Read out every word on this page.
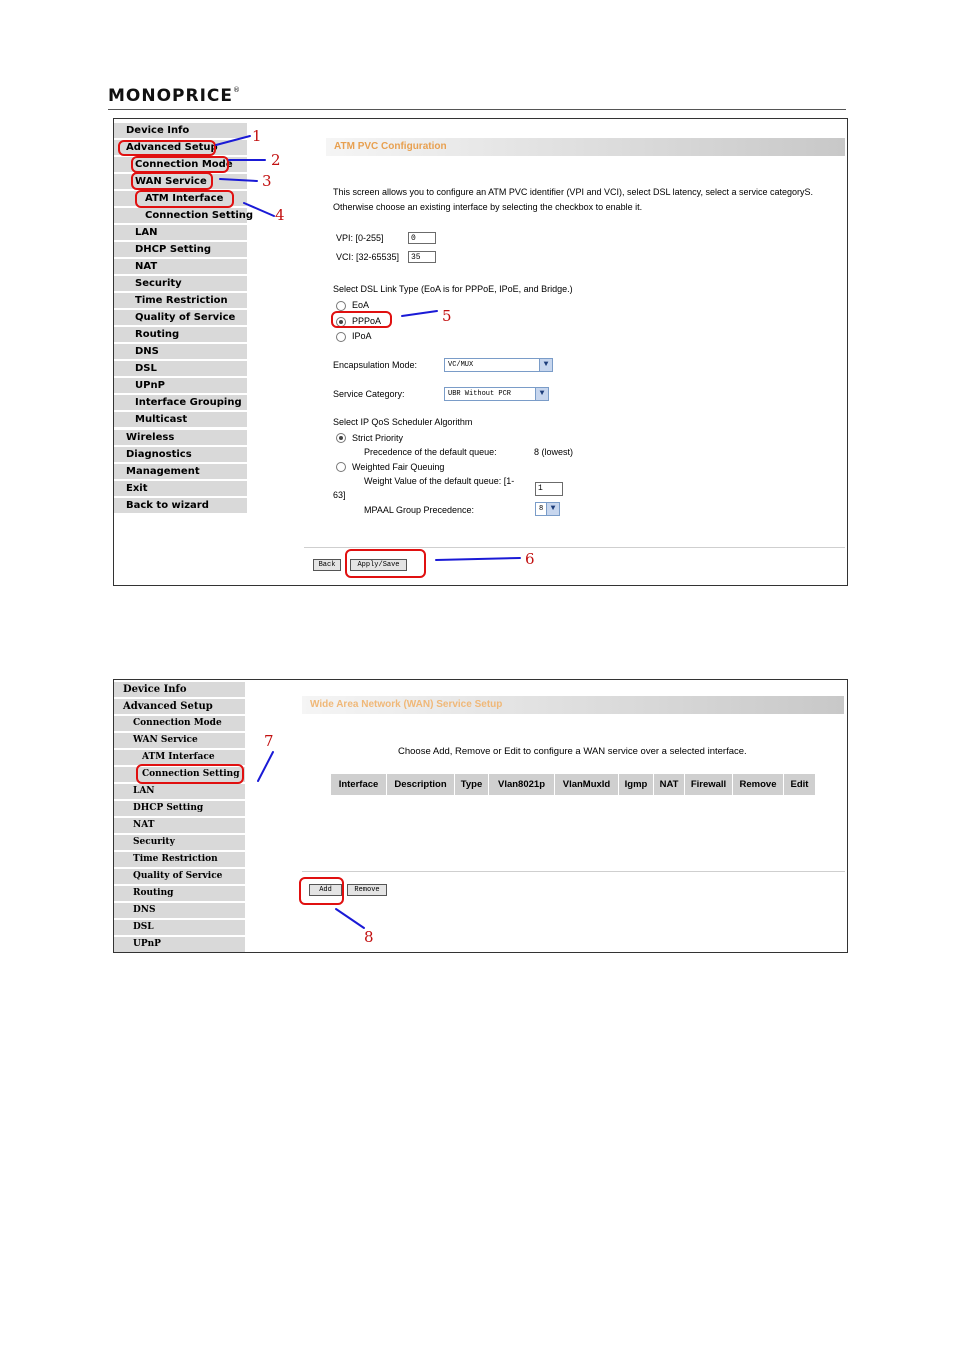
MONOPRICE®
Device Info
Advanced Setup
Connection Mode
WAN Service
ATM Interface
Connection Setting
LAN
DHCP Setting
NAT
Security
Time Restriction
Quality of Service
Routing
DNS
DSL
UPnP
Interface Grouping
Multicast
Wireless
Diagnostics
Management
Exit
Back to wizard
ATM PVC Configuration
This screen allows you to configure an ATM PVC identifier (VPI and VCI), select DSL latency, select a service categoryS. Otherwise choose an existing interface by selecting the checkbox to enable it.
VPI: [0-255]	0
VCI: [32-65535]	35
Select DSL Link Type (EoA is for PPPoE, IPoE, and Bridge.)
EoA
PPPoA
IPoA
Encapsulation Mode:	VC/MUX	▼
Service Category:	UBR Without PCR	▼
Select IP QoS Scheduler Algorithm
Strict Priority
Precedence of the default queue:	8 (lowest)
Weighted Fair Queuing
Weight Value of the default queue: [1-
63]
1
MPAAL Group Precedence:	8 ▼
Back	Apply/Save
Device Info
Advanced Setup
Connection Mode
WAN Service
ATM Interface
Connection Setting
LAN
DHCP Setting
NAT
Security
Time Restriction
Quality of Service
Routing
DNS
DSL
UPnP
Wide Area Network (WAN) Service Setup
Choose Add, Remove or Edit to configure a WAN service over a selected interface.
Interface	Description	Type	Vlan8021p	VlanMuxId	Igmp	NAT	Firewall	Remove	Edit
Add	Remove
1
2
3
4
5
6
7
8
